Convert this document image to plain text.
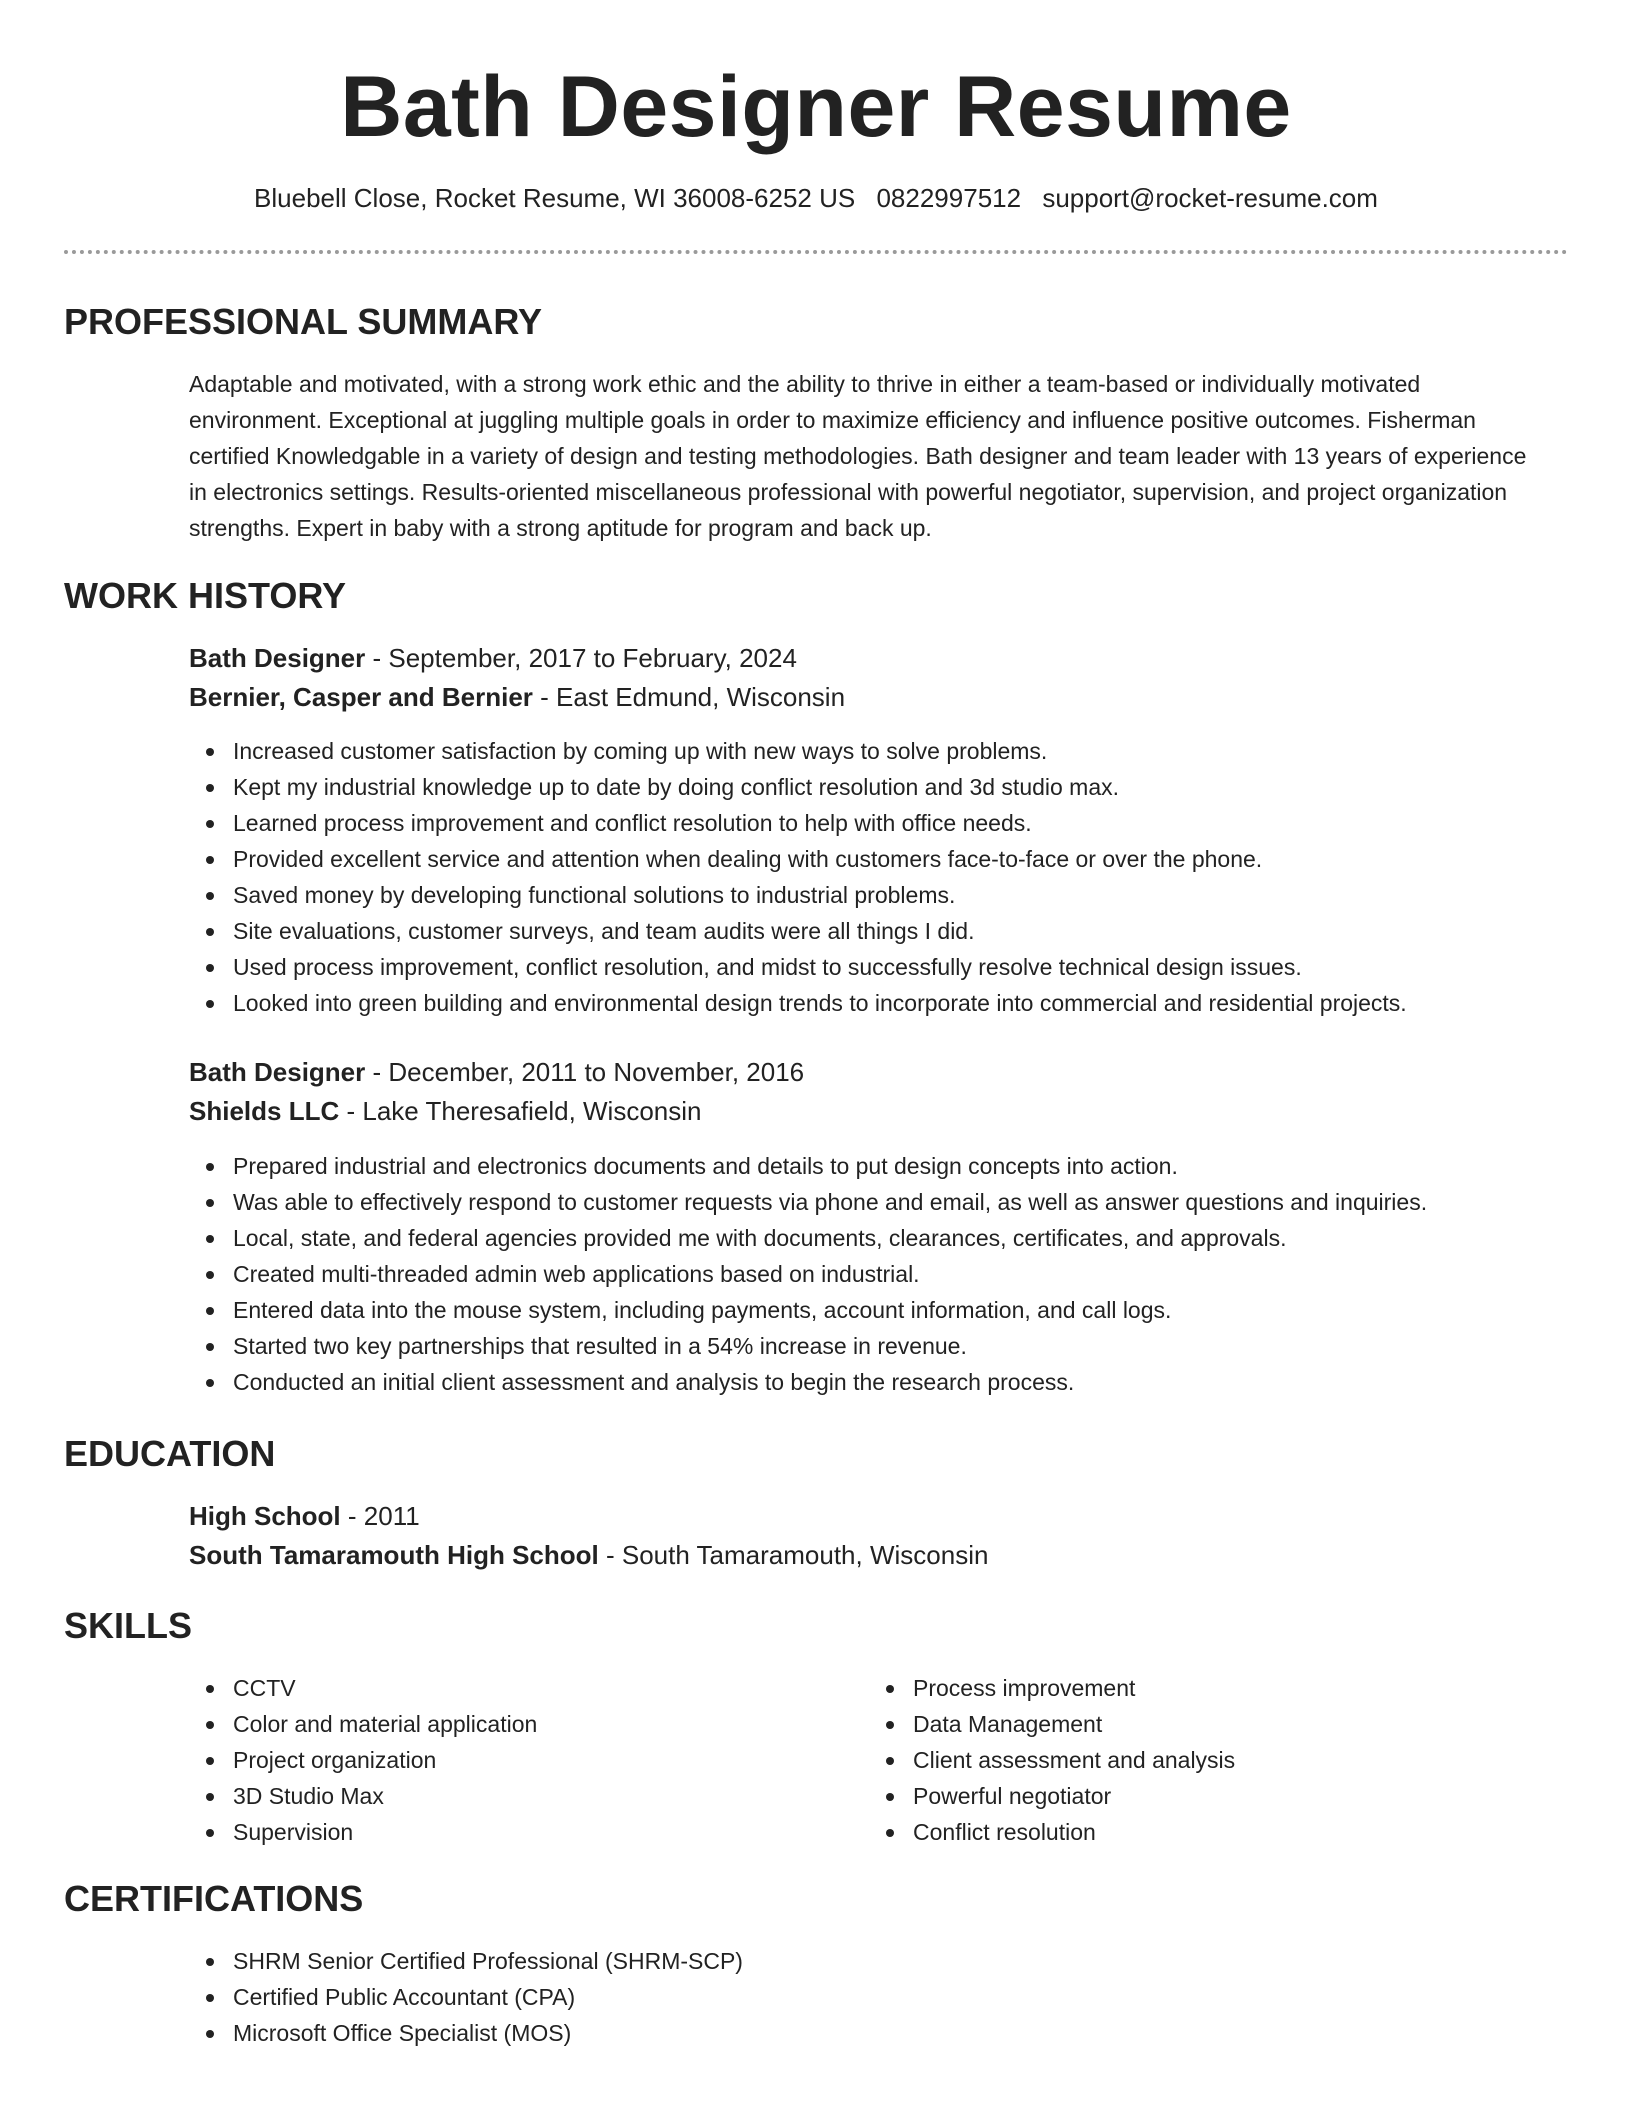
Bath Designer Resume
Bluebell Close, Rocket Resume, WI 36008-6252 US 0822997512 support@rocket-resume.com
PROFESSIONAL SUMMARY

Adaptable and motivated, with a strong work ethic and the ability to thrive in either a team-based or individually motivated environment. Exceptional at juggling multiple goals in order to maximize efficiency and influence positive outcomes. Fisherman certified Knowledgable in a variety of design and testing methodologies. Bath designer and team leader with 13 years of experience in electronics settings. Results-oriented miscellaneous professional with powerful negotiator, supervision, and project organization strengths. Expert in baby with a strong aptitude for program and back up.

WORK HISTORY
Bath Designer - September, 2017 to February, 2024
Bernier, Casper and Bernier - East Edmund, Wisconsin
Increased customer satisfaction by coming up with new ways to solve problems.
Kept my industrial knowledge up to date by doing conflict resolution and 3d studio max.
Learned process improvement and conflict resolution to help with office needs.
Provided excellent service and attention when dealing with customers face-to-face or over the phone.
Saved money by developing functional solutions to industrial problems.
Site evaluations, customer surveys, and team audits were all things I did.
Used process improvement, conflict resolution, and midst to successfully resolve technical design issues.
Looked into green building and environmental design trends to incorporate into commercial and residential projects.
Bath Designer - December, 2011 to November, 2016
Shields LLC - Lake Theresafield, Wisconsin
Prepared industrial and electronics documents and details to put design concepts into action.
Was able to effectively respond to customer requests via phone and email, as well as answer questions and inquiries.
Local, state, and federal agencies provided me with documents, clearances, certificates, and approvals.
Created multi-threaded admin web applications based on industrial.
Entered data into the mouse system, including payments, account information, and call logs.
Started two key partnerships that resulted in a 54% increase in revenue.
Conducted an initial client assessment and analysis to begin the research process.
EDUCATION
High School - 2011
South Tamaramouth High School - South Tamaramouth, Wisconsin
SKILLS
CCTV
Color and material application
Project organization
3D Studio Max
Supervision
Process improvement
Data Management
Client assessment and analysis
Powerful negotiator
Conflict resolution
CERTIFICATIONS
SHRM Senior Certified Professional (SHRM-SCP)
Certified Public Accountant (CPA)
Microsoft Office Specialist (MOS)
